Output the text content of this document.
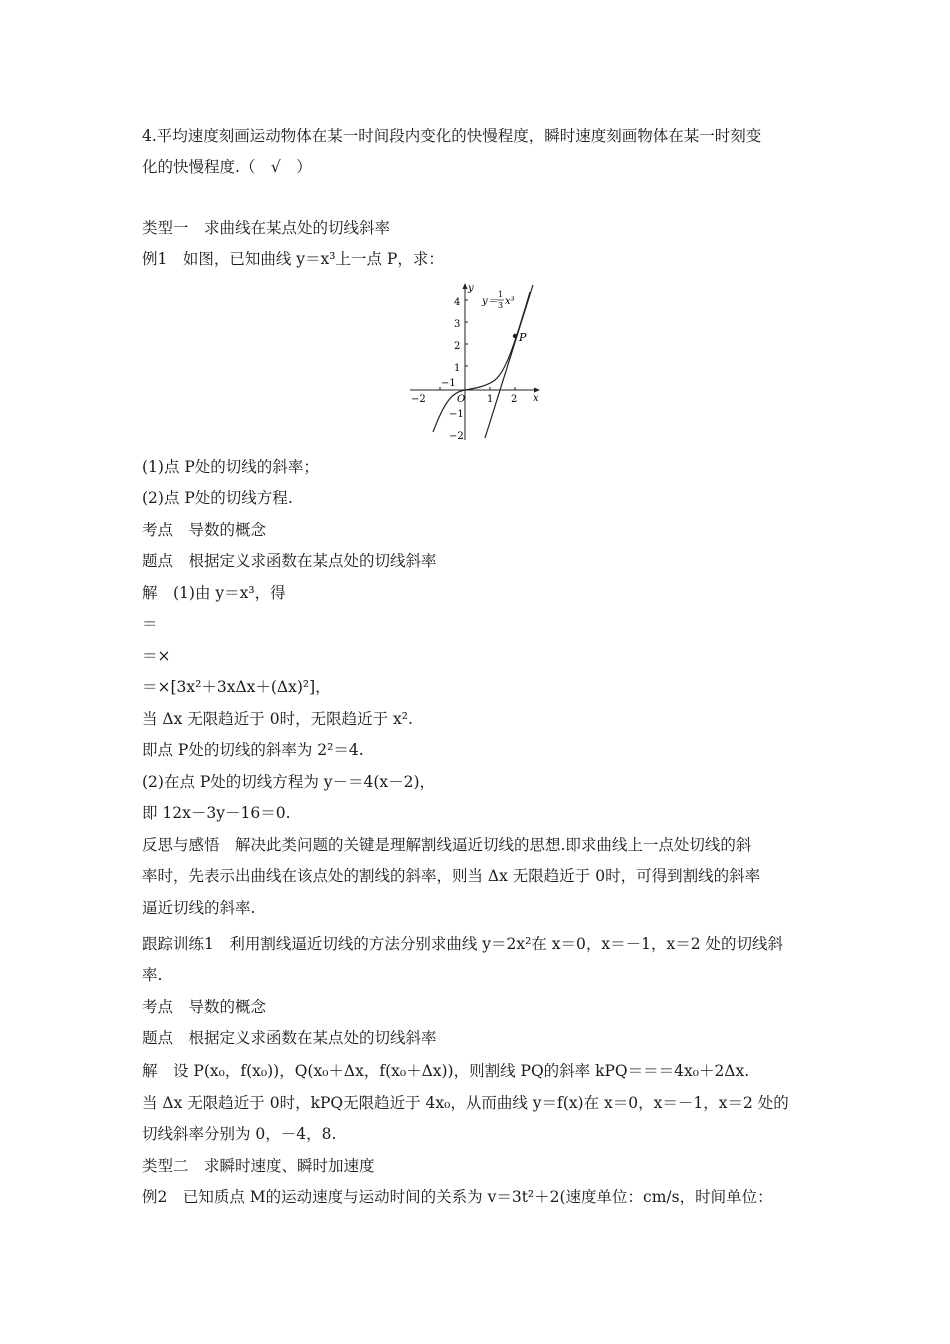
4.平均速度刻画运动物体在某一时间段内变化的快慢程度，瞬时速度刻画物体在某一时刻变
化的快慢程度.（　√　）
类型一　求曲线在某点处的切线斜率
例1　如图，已知曲线 y＝x³上一点 P，求：
P
y＝
1
3 x³
x
y
O
4
3
2
1
−1
−2
−2
−1
1 2
(1)点 P处的切线的斜率；
(2)点 P处的切线方程.
考点　导数的概念
题点　根据定义求函数在某点处的切线斜率
解　(1)由 y＝x³，得
＝
＝×
＝×[3x²＋3xΔx＋(Δx)²]，
当 Δx 无限趋近于 0时，无限趋近于 x².
即点 P处的切线的斜率为 2²＝4.
(2)在点 P处的切线方程为 y－＝4(x－2)，
即 12x－3y－16＝0.
反思与感悟　解决此类问题的关键是理解割线逼近切线的思想.即求曲线上一点处切线的斜
率时，先表示出曲线在该点处的割线的斜率，则当 Δx 无限趋近于 0时，可得到割线的斜率
逼近切线的斜率.
跟踪训练1　利用割线逼近切线的方法分别求曲线 y＝2x²在 x＝0，x＝－1，x＝2 处的切线斜
率.
考点　导数的概念
题点　根据定义求函数在某点处的切线斜率
解　设 P(x₀，f(x₀))，Q(x₀＋Δx，f(x₀＋Δx))，则割线 PQ的斜率 kPQ＝＝＝4x₀＋2Δx.
当 Δx 无限趋近于 0时，kPQ无限趋近于 4x₀，从而曲线 y＝f(x)在 x＝0，x＝－1，x＝2 处的
切线斜率分别为 0，－4，8.
类型二　求瞬时速度、瞬时加速度
例2　已知质点 M的运动速度与运动时间的关系为 v＝3t²＋2(速度单位：cm/s，时间单位：
